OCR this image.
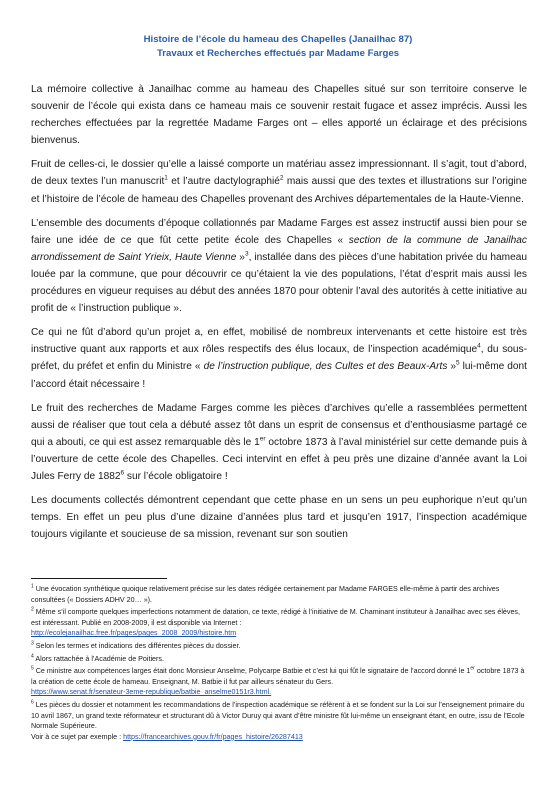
Histoire de l’école du hameau des Chapelles (Janailhac 87)
Travaux et Recherches effectués par Madame Farges

La mémoire collective à Janailhac comme au hameau des Chapelles situé sur son territoire conserve le souvenir de l’école qui exista dans ce hameau mais ce souvenir restait fugace et assez imprécis. Aussi les recherches effectuées par la regrettée Madame Farges ont – elles apporté un éclairage et des précisions bienvenus.

Fruit de celles-ci, le dossier qu’elle a laissé comporte un matériau assez impressionnant. Il s’agit, tout d’abord, de deux textes l’un manuscrit$^1$ et l’autre dactylographié$^2$ mais aussi que des textes et illustrations sur l’origine et l’histoire de l’école de hameau des Chapelles provenant des Archives départementales de la Haute-Vienne.

L’ensemble des documents d’époque collationnés par Madame Farges est assez instructif aussi bien pour se faire une idée de ce que fût cette petite école des Chapelles « section de la commune de Janailhac arrondissement de Saint Yrieix, Haute Vienne »$^3$, installée dans des pièces d’une habitation privée du hameau louée par la commune, que pour découvrir ce qu’étaient la vie des populations, l’état d’esprit mais aussi les procédures en vigueur requises au début des années 1870 pour obtenir l’aval des autorités à cette initiative au profit de « l’instruction publique ».

Ce qui ne fût d’abord qu’un projet a, en effet, mobilisé de nombreux intervenants et cette histoire est très instructive quant aux rapports et aux rôles respectifs des élus locaux, de l’inspection académique$^4$, du sous-préfet, du préfet et enfin du Ministre « de l’instruction publique, des Cultes et des Beaux-Arts »$^5$ lui-même dont l’accord était nécessaire !

Le fruit des recherches de Madame Farges comme les pièces d’archives qu’elle a rassemblées permettent aussi de réaliser que tout cela a débuté assez tôt dans un esprit de consensus et d’enthousiasme partagé ce qui a abouti, ce qui est assez remarquable dès le 1er octobre 1873 à l’aval ministériel sur cette demande puis à l’ouverture de cette école des Chapelles. Ceci intervint en effet à peu près une dizaine d’année avant la Loi Jules Ferry de 1882$^6$ sur l’école obligatoire !

Les documents collectés démontrent cependant que cette phase en un sens un peu euphorique n’eut qu’un temps. En effet un peu plus d’une dizaine d’années plus tard et jusqu’en 1917, l’inspection académique toujours vigilante et soucieuse de sa mission, revenant sur son soutien

$^1$ Une évocation synthétique quoique relativement précise sur les dates rédigée certainement par Madame FARGES elle-même à partir des archives consultées (« Dossiers ADHV 20… »).
$^2$ Même s’il comporte quelques imperfections notamment de datation, ce texte, rédigé à l’initiative de M. Chaminant instituteur à Janailhac avec ses élèves, est intéressant. Publié en 2008-2009, il est disponible via Internet :
http://ecolejanailhac.free.fr/pages/pages_2008_2009/histoire.htm
$^3$ Selon les termes et indications des différentes pièces du dossier.
$^4$ Alors rattachée à l’Académie de Poitiers.
$^5$ Ce ministre aux compétences larges était donc Monsieur Anselme, Polycarpe Batbie et c’est lui qui fût le signataire de l’accord donné le 1er octobre 1873 à la création de cette école de hameau. Enseignant, M. Batbie il fut par ailleurs sénateur du Gers.
https://www.senat.fr/senateur-3eme-republique/batbie_anselme0151r3.html.
$^6$ Les pièces du dossier et notamment les recommandations de l’inspection académique se réfèrent à et se fondent sur la Loi sur l’enseignement primaire du 10 avril 1867, un grand texte réformateur et structurant dû à Victor Duruy qui avant d’être ministre fût lui-même un enseignant étant, en outre, issu de l’Ecole Normale Supérieure.
Voir à ce sujet par exemple : https://francearchives.gouv.fr/fr/pages_histoire/26287413
